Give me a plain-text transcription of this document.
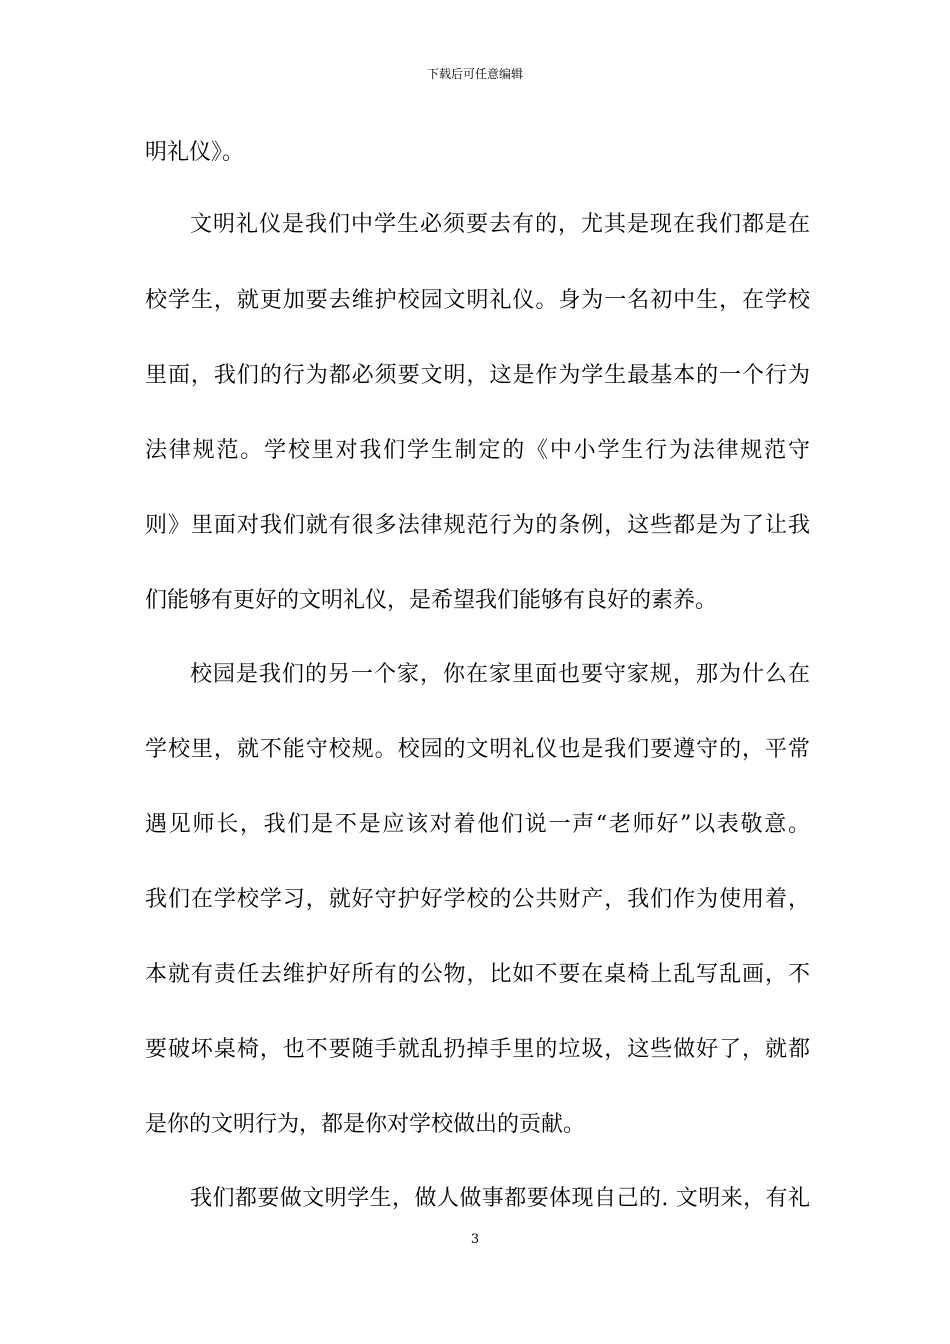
下载后可任意编辑
明礼仪》。
文明礼仪是我们中学生必须要去有的，尤其是现在我们都是在
校学生，就更加要去维护校园文明礼仪。身为一名初中生，在学校
里面，我们的行为都必须要文明，这是作为学生最基本的一个行为
法律规范。学校里对我们学生制定的《中小学生行为法律规范守
则》里面对我们就有很多法律规范行为的条例，这些都是为了让我
们能够有更好的文明礼仪，是希望我们能够有良好的素养。
校园是我们的另一个家，你在家里面也要守家规，那为什么在
学校里，就不能守校规。校园的文明礼仪也是我们要遵守的，平常
遇见师长，我们是不是应该对着他们说一声“老师好”以表敬意。
我们在学校学习，就好守护好学校的公共财产，我们作为使用着，
本就有责任去维护好所有的公物，比如不要在桌椅上乱写乱画，不
要破坏桌椅，也不要随手就乱扔掉手里的垃圾，这些做好了，就都
是你的文明行为，都是你对学校做出的贡献。
我们都要做文明学生，做人做事都要体现自己的. 文明来，有礼
3
